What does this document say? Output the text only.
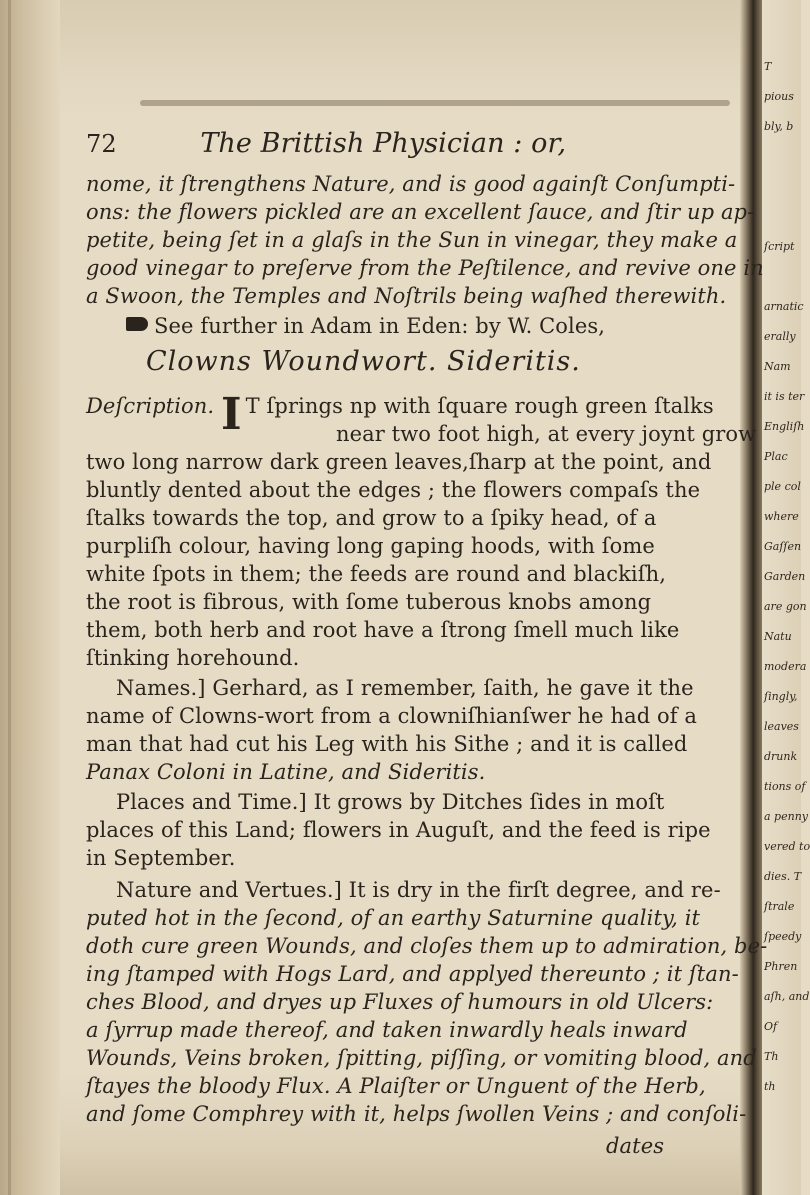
T
pious
bly, b
ſcript
arnatic
erally
Nam
it is ter
Engliſh
Plac
ple col
where
Gaſſen
Garden
are gon
Natu
modera
ſingly,
leaves
drunk
tions of
a penny
vered to
dies. T
ſtrale
ſpeedy
Phren
aſh, and
Of
Th
th
72	The Brittish Physician : or,
nome, it ſtrengthens Nature, and is good againſt Conſumpti-
ons: the flowers pickled are an excellent ſauce, and ſtir up ap-
petite, being ſet in a glaſs in the Sun in vinegar, they make a
good vinegar to preſerve from the Peſtilence, and revive one in
a Swoon, the Temples and Noſtrils being waſhed therewith.
See further in Adam in Eden: by W. Coles,
Clowns Woundwort. Sideritis.
Deſcription. I T ſprings np with ſquare rough green ſtalks
near two foot high, at every joynt grow
two long narrow dark green leaves,ſharp at the point, and
bluntly dented about the edges ; the flowers compaſs the
ſtalks towards the top, and grow to a ſpiky head, of a
purpliſh colour, having long gaping hoods, with ſome
white ſpots in them; the feeds are round and blackiſh,
the root is fibrous, with ſome tuberous knobs among
them, both herb and root have a ſtrong ſmell much like
ſtinking horehound.
Names.] Gerhard, as I remember, ſaith, he gave it the
name of Clowns-wort from a clowniſhianſwer he had of a
man that had cut his Leg with his Sithe ; and it is called
Panax Coloni in Latine, and Sideritis.
Places and Time.] It grows by Ditches ſides in moſt
places of this Land; flowers in Auguſt, and the feed is ripe
in September.
Nature and Vertues.] It is dry in the firſt degree, and re-
puted hot in the ſecond, of an earthy Saturnine quality, it
doth cure green Wounds, and cloſes them up to admiration, be-
ing ſtamped with Hogs Lard, and applyed thereunto ; it ſtan-
ches Blood, and dryes up Fluxes of humours in old Ulcers:
a ſyrrup made thereof, and taken inwardly heals inward
Wounds, Veins broken, ſpitting, piſſing, or vomiting blood, and
ſtayes the bloody Flux. A Plaiſter or Unguent of the Herb,
and ſome Comphrey with it, helps ſwollen Veins ; and conſoli-
dates
